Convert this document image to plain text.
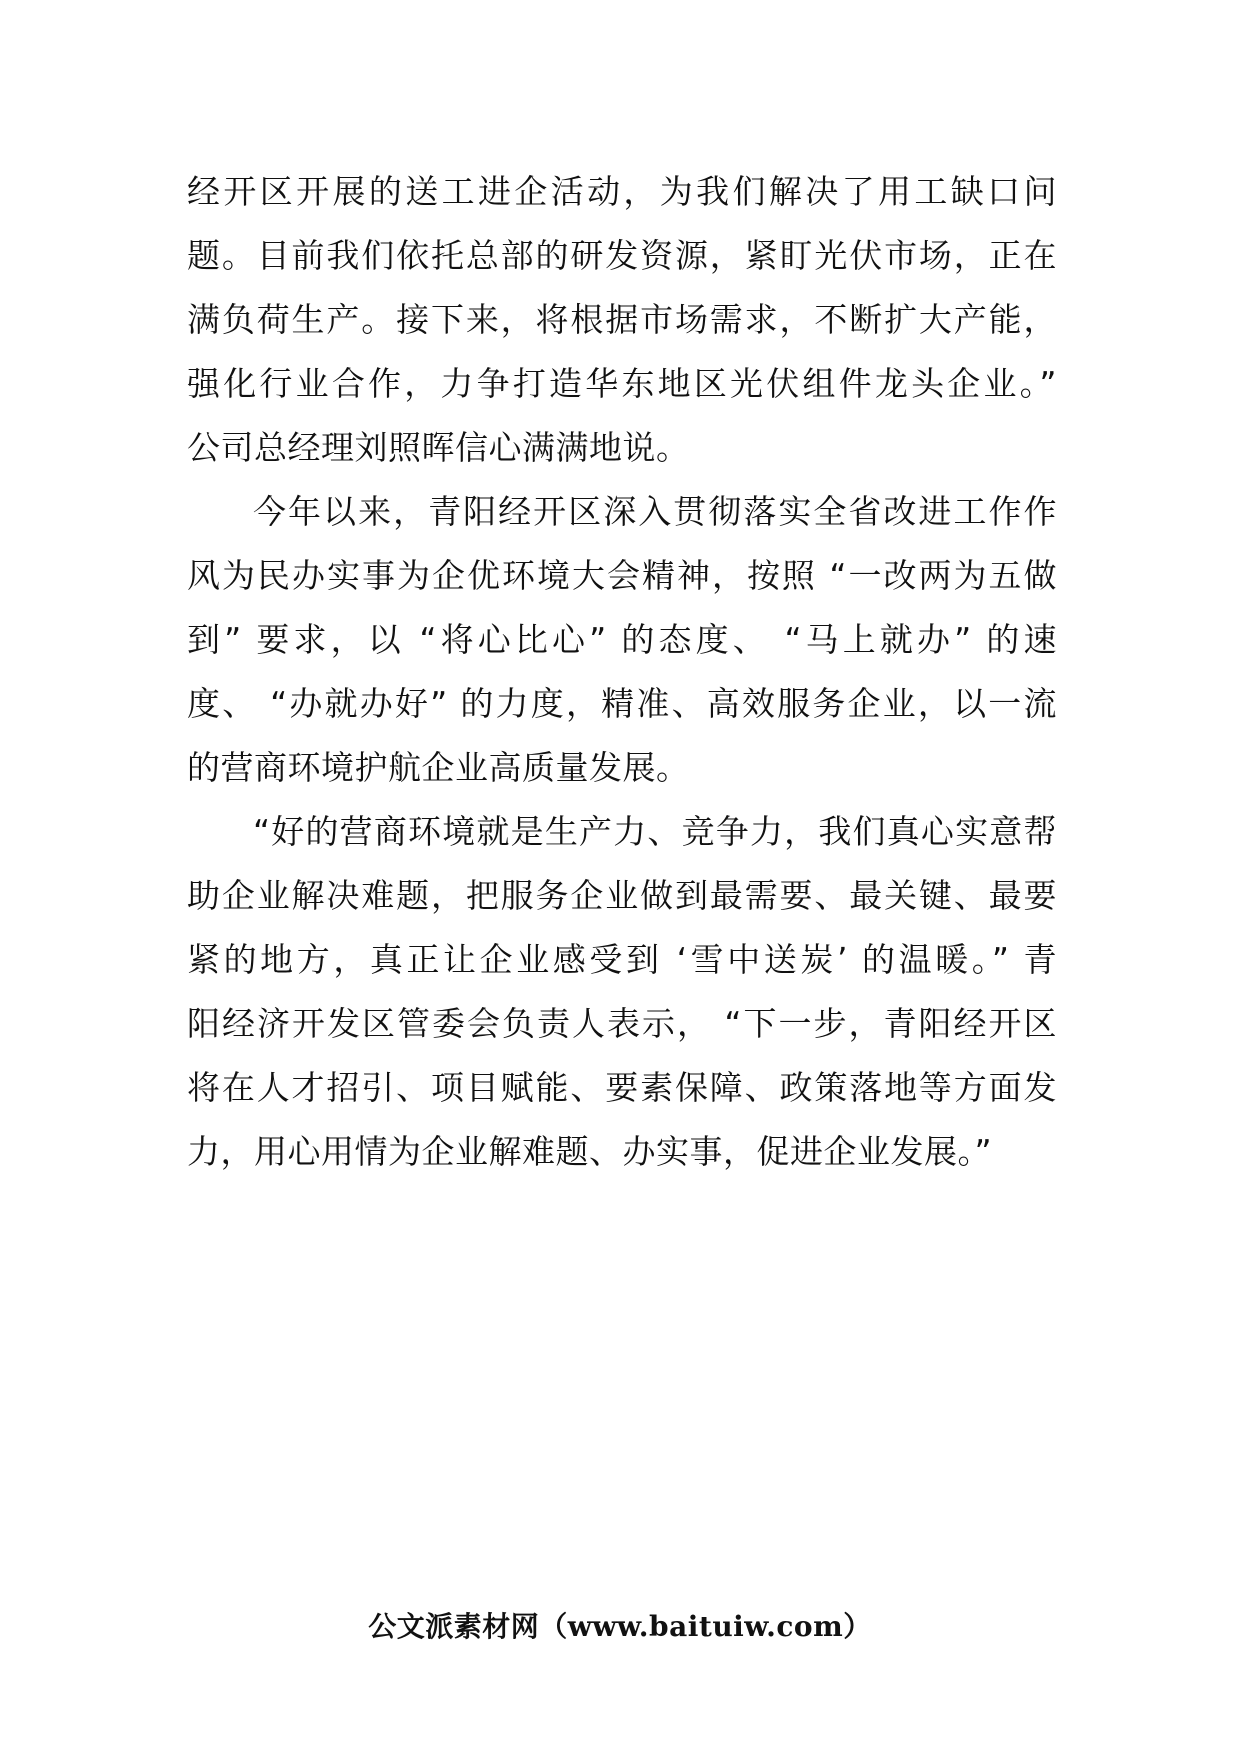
经开区开展的送工进企活动，为我们解决了用工缺口问
题。目前我们依托总部的研发资源，紧盯光伏市场，正在
满负荷生产。接下来，将根据市场需求，不断扩大产能，
强化行业合作，力争打造华东地区光伏组件龙头企业。”
公司总经理刘照晖信心满满地说。

今年以来，青阳经开区深入贯彻落实全省改进工作作
风为民办实事为企优环境大会精神，按照 “一改两为五做
到” 要求，以 “将心比心” 的态度、 “马上就办” 的速
度、 “办就办好” 的力度，精准、高效服务企业，以一流
的营商环境护航企业高质量发展。

“好的营商环境就是生产力、竞争力，我们真心实意帮
助企业解决难题，把服务企业做到最需要、最关键、最要
紧的地方，真正让企业感受到 ‘雪中送炭’ 的温暖。” 青
阳经济开发区管委会负责人表示， “下一步，青阳经开区
将在人才招引、项目赋能、要素保障、政策落地等方面发
力，用心用情为企业解难题、办实事，促进企业发展。”

公文派素材网（www.baituiw.com）
